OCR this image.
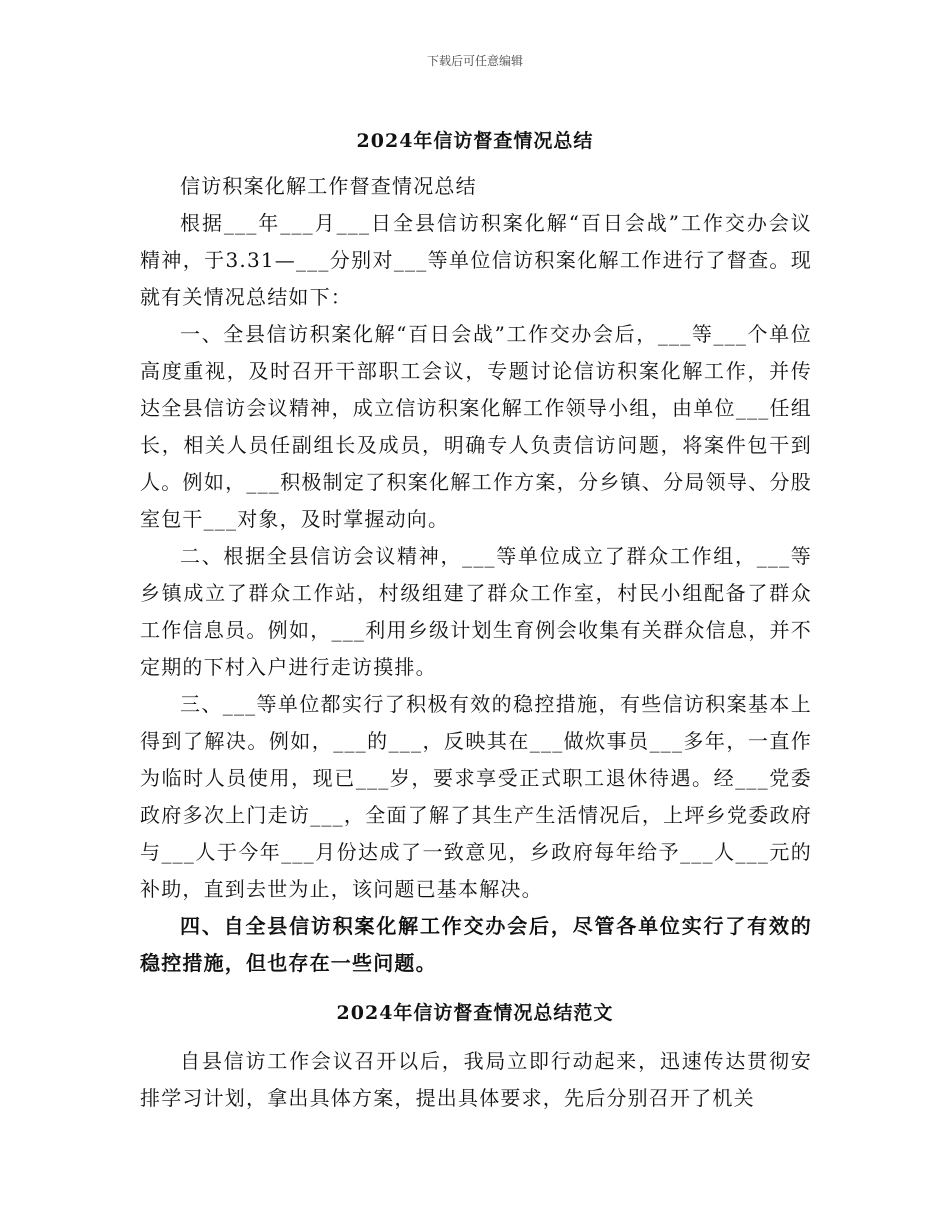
下载后可任意编辑
2024年信访督查情况总结

信访积案化解工作督查情况总结

根据___年___月___日全县信访积案化解“百日会战”工作交办会议精神，于3.31—___分别对___等单位信访积案化解工作进行了督查。现就有关情况总结如下：

一、全县信访积案化解“百日会战”工作交办会后，___等___个单位高度重视，及时召开干部职工会议，专题讨论信访积案化解工作，并传达全县信访会议精神，成立信访积案化解工作领导小组，由单位___任组长，相关人员任副组长及成员，明确专人负责信访问题，将案件包干到人。例如，___积极制定了积案化解工作方案，分乡镇、分局领导、分股室包干___对象，及时掌握动向。

二、根据全县信访会议精神，___等单位成立了群众工作组，___等乡镇成立了群众工作站，村级组建了群众工作室，村民小组配备了群众工作信息员。例如，___利用乡级计划生育例会收集有关群众信息，并不定期的下村入户进行走访摸排。

三、___等单位都实行了积极有效的稳控措施，有些信访积案基本上得到了解决。例如，___的___，反映其在___做炊事员___多年，一直作为临时人员使用，现已___岁，要求享受正式职工退休待遇。经___党委政府多次上门走访___，全面了解了其生产生活情况后，上坪乡党委政府与___人于今年___月份达成了一致意见，乡政府每年给予___人___元的补助，直到去世为止，该问题已基本解决。

四、自全县信访积案化解工作交办会后，尽管各单位实行了有效的稳控措施，但也存在一些问题。

2024年信访督查情况总结范文

自县信访工作会议召开以后，我局立即行动起来，迅速传达贯彻安排学习计划，拿出具体方案，提出具体要求，先后分别召开了机关
